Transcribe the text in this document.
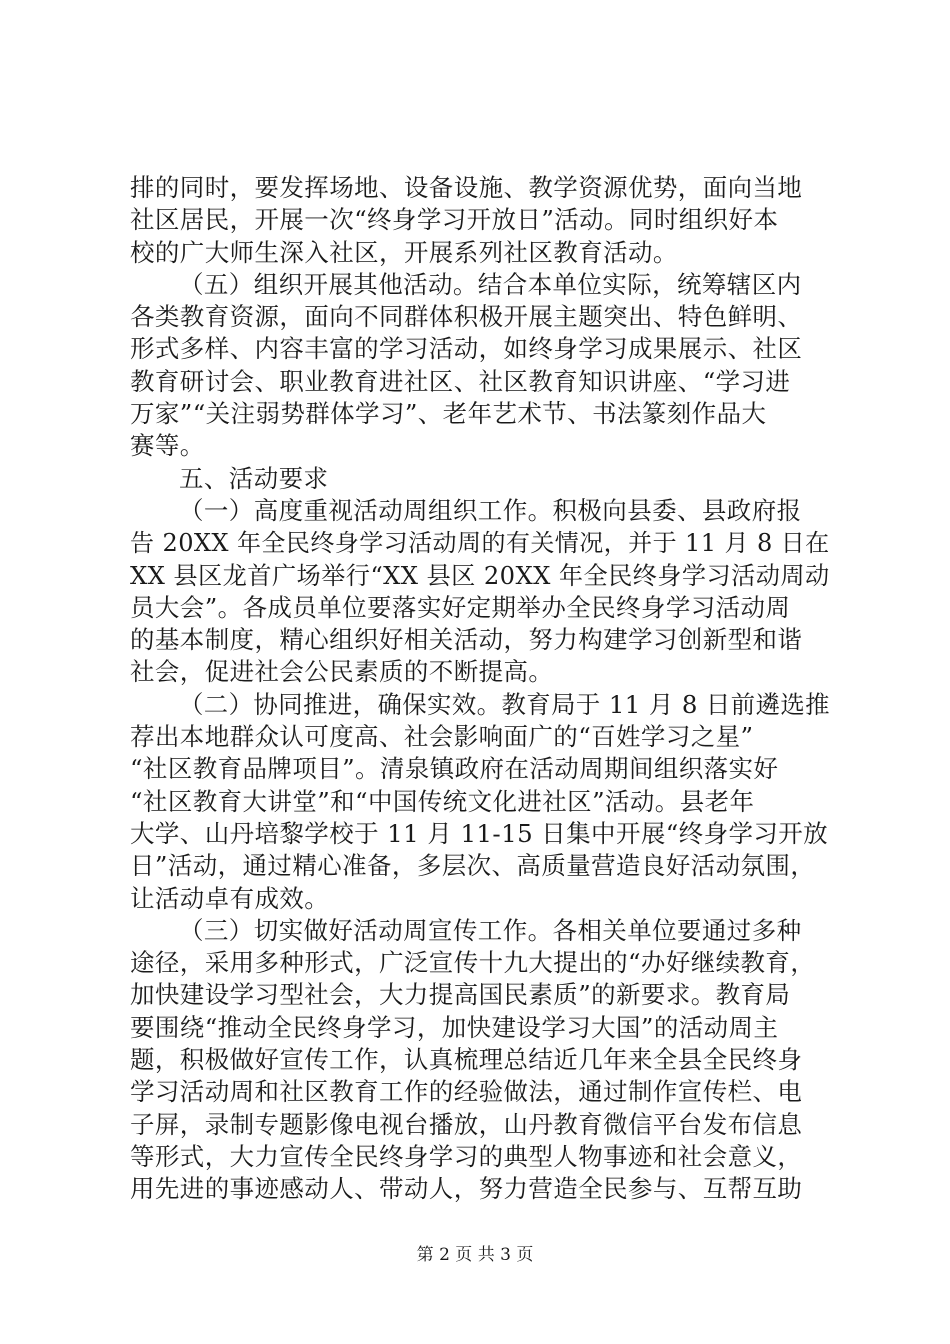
排的同时，要发挥场地、设备设施、教学资源优势，面向当地
社区居民，开展一次“终身学习开放日”活动。同时组织好本
校的广大师生深入社区，开展系列社区教育活动。
（五）组织开展其他活动。结合本单位实际，统筹辖区内
各类教育资源，面向不同群体积极开展主题突出、特色鲜明、
形式多样、内容丰富的学习活动，如终身学习成果展示、社区
教育研讨会、职业教育进社区、社区教育知识讲座、“学习进
万家”“关注弱势群体学习”、老年艺术节、书法篆刻作品大
赛等。
五、活动要求
（一）高度重视活动周组织工作。积极向县委、县政府报
告 20XX 年全民终身学习活动周的有关情况，并于 11 月 8 日在
XX 县区龙首广场举行“XX 县区 20XX 年全民终身学习活动周动
员大会”。各成员单位要落实好定期举办全民终身学习活动周
的基本制度，精心组织好相关活动，努力构建学习创新型和谐
社会，促进社会公民素质的不断提高。
（二）协同推进，确保实效。教育局于 11 月 8 日前遴选推
荐出本地群众认可度高、社会影响面广的“百姓学习之星”
“社区教育品牌项目”。清泉镇政府在活动周期间组织落实好
“社区教育大讲堂”和“中国传统文化进社区”活动。县老年
大学、山丹培黎学校于 11 月 11-15 日集中开展“终身学习开放
日”活动，通过精心准备，多层次、高质量营造良好活动氛围，
让活动卓有成效。
（三）切实做好活动周宣传工作。各相关单位要通过多种
途径，采用多种形式，广泛宣传十九大提出的“办好继续教育，
加快建设学习型社会，大力提高国民素质”的新要求。教育局
要围绕“推动全民终身学习，加快建设学习大国”的活动周主
题，积极做好宣传工作，认真梳理总结近几年来全县全民终身
学习活动周和社区教育工作的经验做法，通过制作宣传栏、电
子屏，录制专题影像电视台播放，山丹教育微信平台发布信息
等形式，大力宣传全民终身学习的典型人物事迹和社会意义，
用先进的事迹感动人、带动人，努力营造全民参与、互帮互助
第 2 页 共 3 页
